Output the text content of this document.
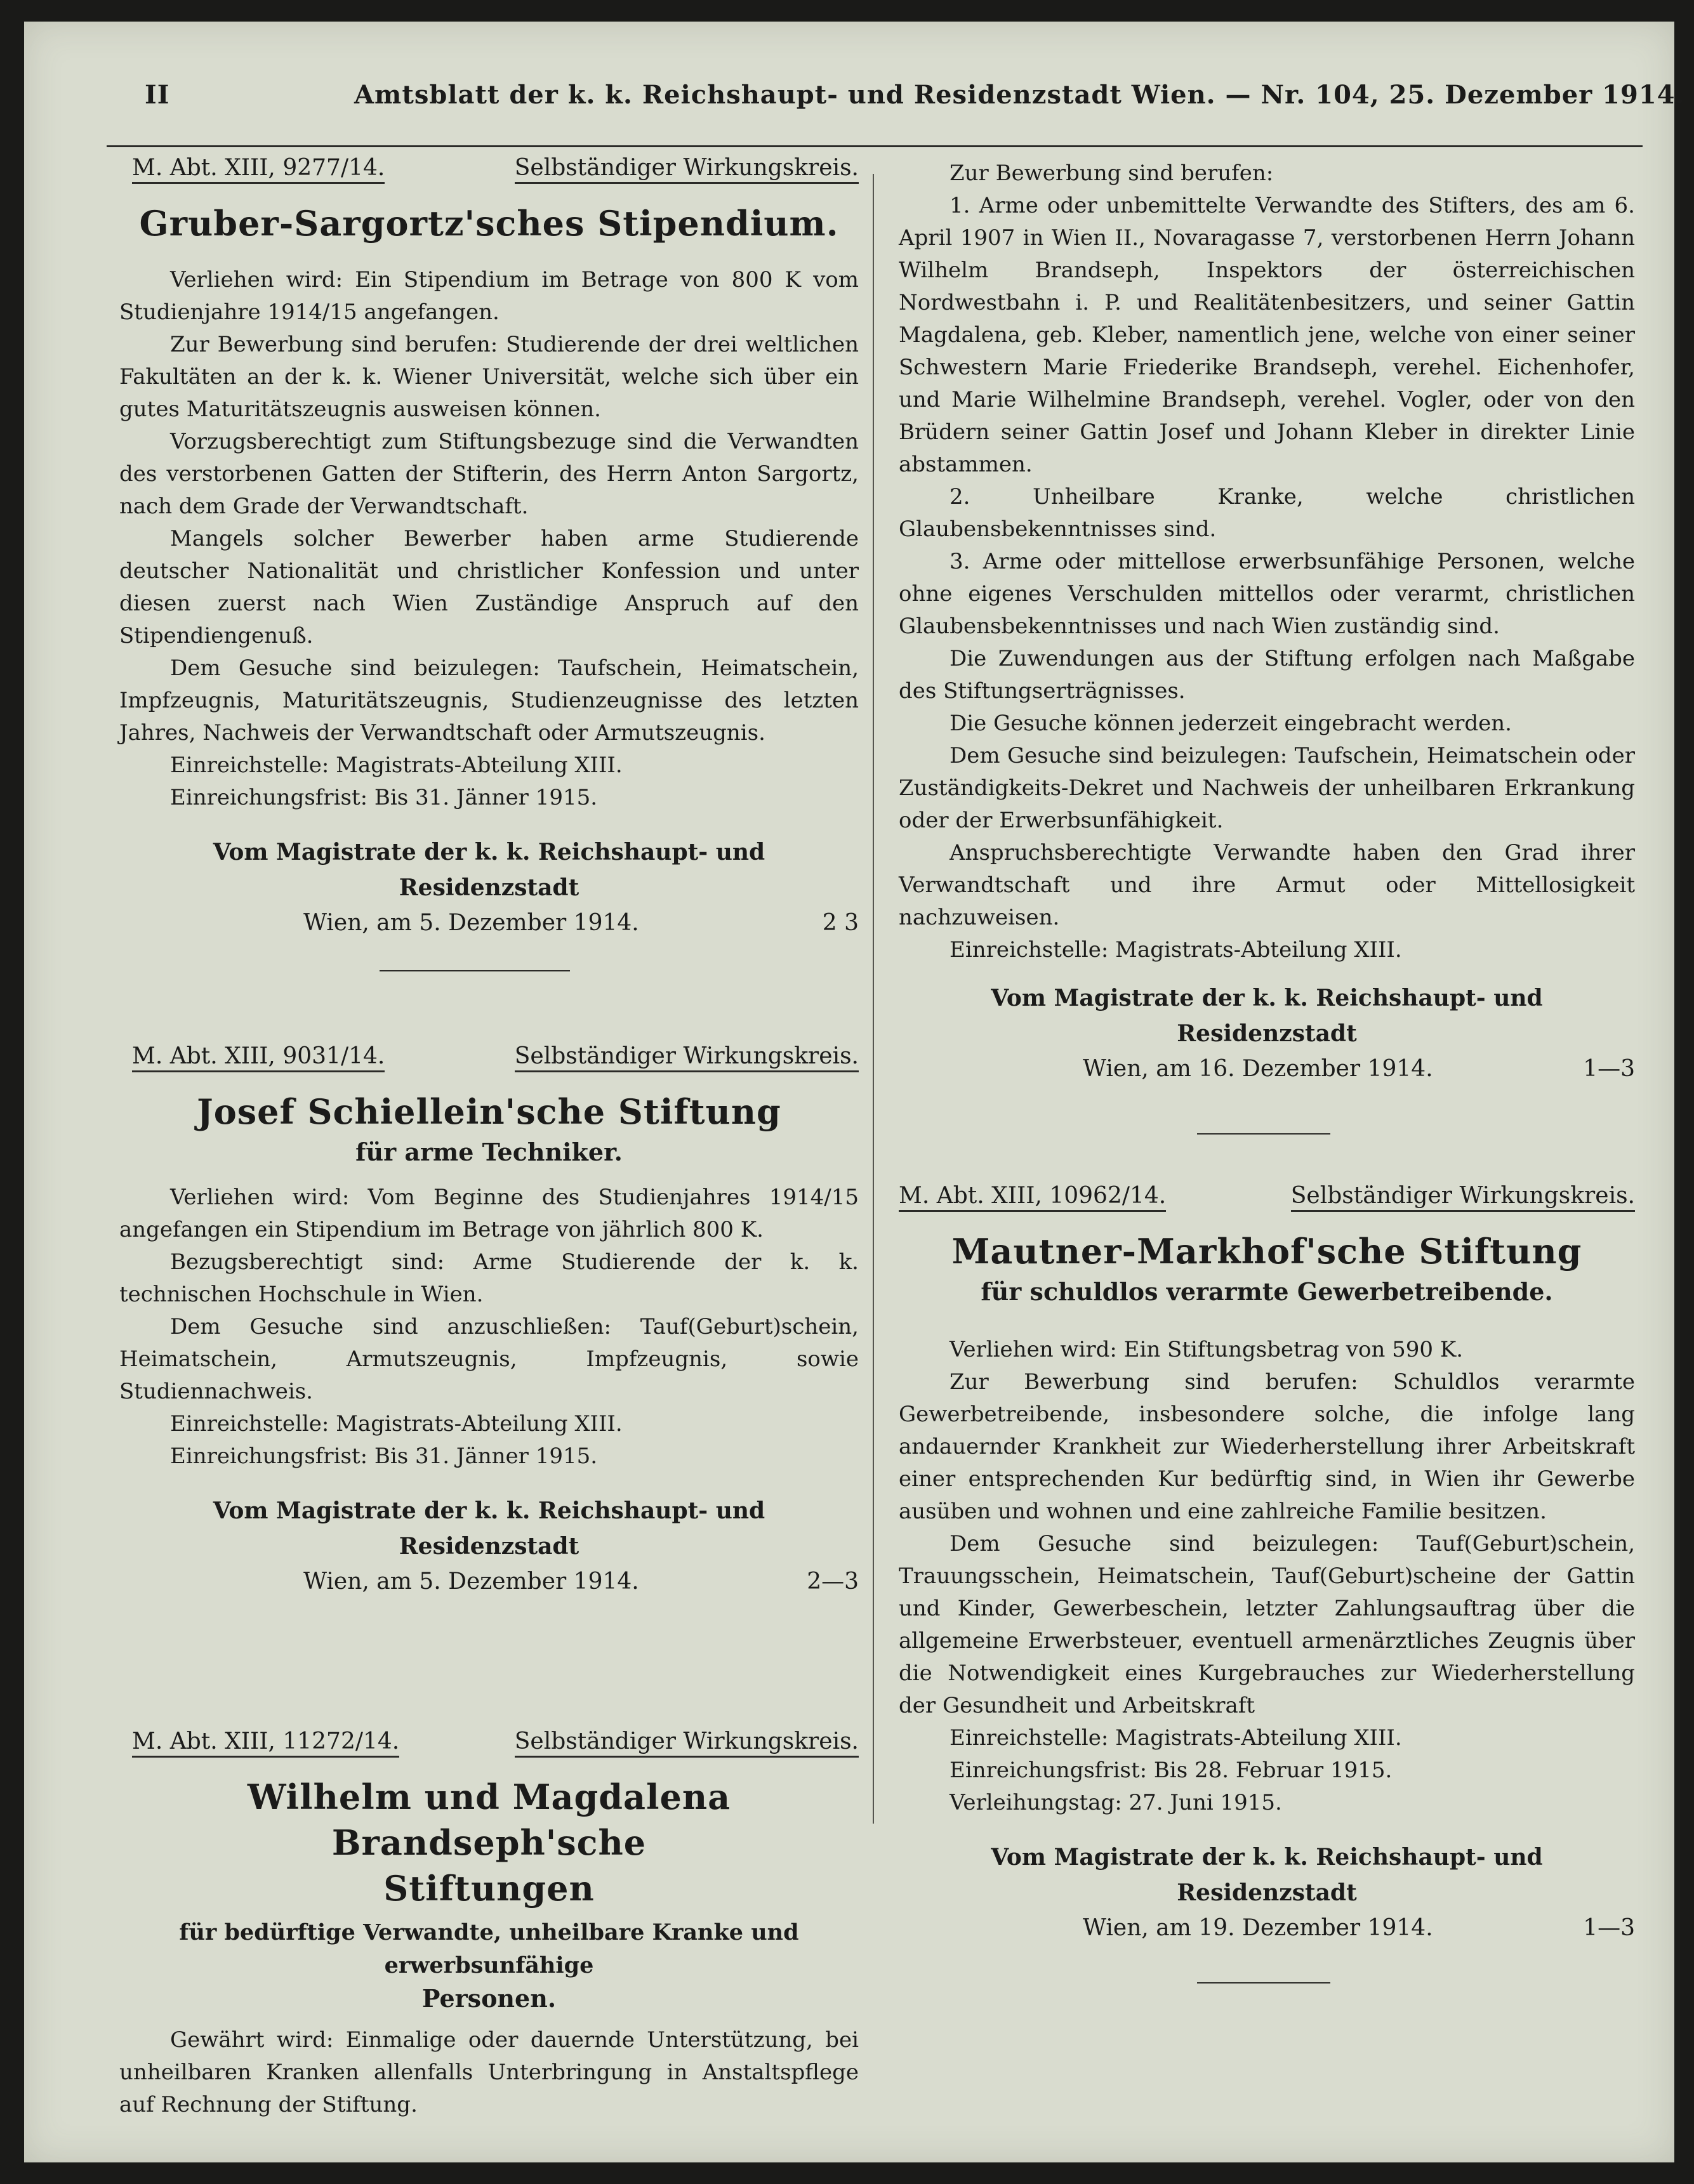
II	Amtsblatt der k. k. Reichshaupt- und Residenzstadt Wien. — Nr. 104, 25. Dezember 1914.
M. Abt. XIII, 9277/14.	Selbständiger Wirkungskreis.
Gruber-Sargortz'sches Stipendium.

Verliehen wird: Ein Stipendium im Betrage von 800 K vom Studienjahre 1914/15 angefangen.

Zur Bewerbung sind berufen: Studierende der drei weltlichen Fakultäten an der k. k. Wiener Universität, welche sich über ein gutes Maturitätszeugnis ausweisen können.

Vorzugsberechtigt zum Stiftungsbezuge sind die Verwandten des verstorbenen Gatten der Stifterin, des Herrn Anton Sargortz, nach dem Grade der Verwandtschaft.

Mangels solcher Bewerber haben arme Studierende deutscher Nationalität und christlicher Konfession und unter diesen zuerst nach Wien Zuständige Anspruch auf den Stipendiengenuß.

Dem Gesuche sind beizulegen: Taufschein, Heimatschein, Impfzeugnis, Maturitätszeugnis, Studienzeugnisse des letzten Jahres, Nachweis der Verwandtschaft oder Armutszeugnis.

Einreichstelle: Magistrats-Abteilung XIII.

Einreichungsfrist: Bis 31. Jänner 1915.

Vom Magistrate der k. k. Reichshaupt- und Residenzstadt
Wien, am 5. Dezember 1914.	2 3
M. Abt. XIII, 9031/14.	Selbständiger Wirkungskreis.
Josef Schiellein'sche Stiftung
für arme Techniker.

Verliehen wird: Vom Beginne des Studienjahres 1914/15 angefangen ein Stipendium im Betrage von jährlich 800 K.

Bezugsberechtigt sind: Arme Studierende der k. k. technischen Hochschule in Wien.

Dem Gesuche sind anzuschließen: Tauf(Geburt)schein, Heimatschein, Armutszeugnis, Impfzeugnis, sowie Studiennachweis.

Einreichstelle: Magistrats-Abteilung XIII.

Einreichungsfrist: Bis 31. Jänner 1915.

Vom Magistrate der k. k. Reichshaupt- und Residenzstadt
Wien, am 5. Dezember 1914.	2—3
M. Abt. XIII, 11272/14.	Selbständiger Wirkungskreis.
Wilhelm und Magdalena Brandseph'sche
Stiftungen
für bedürftige Verwandte, unheilbare Kranke und erwerbsunfähige
Personen.

Gewährt wird: Einmalige oder dauernde Unterstützung, bei unheilbaren Kranken allenfalls Unterbringung in Anstaltspflege auf Rechnung der Stiftung.

Zur Bewerbung sind berufen:

1. Arme oder unbemittelte Verwandte des Stifters, des am 6. April 1907 in Wien II., Novaragasse 7, verstorbenen Herrn Johann Wilhelm Brandseph, Inspektors der österreichischen Nordwestbahn i. P. und Realitätenbesitzers, und seiner Gattin Magdalena, geb. Kleber, namentlich jene, welche von einer seiner Schwestern Marie Friederike Brandseph, verehel. Eichenhofer, und Marie Wilhelmine Brandseph, verehel. Vogler, oder von den Brüdern seiner Gattin Josef und Johann Kleber in direkter Linie abstammen.

2. Unheilbare Kranke, welche christlichen Glaubensbekenntnisses sind.

3. Arme oder mittellose erwerbsunfähige Personen, welche ohne eigenes Verschulden mittellos oder verarmt, christlichen Glaubensbekenntnisses und nach Wien zuständig sind.

Die Zuwendungen aus der Stiftung erfolgen nach Maßgabe des Stiftungserträgnisses.

Die Gesuche können jederzeit eingebracht werden.

Dem Gesuche sind beizulegen: Taufschein, Heimatschein oder Zuständigkeits-Dekret und Nachweis der unheilbaren Erkrankung oder der Erwerbsunfähigkeit.

Anspruchsberechtigte Verwandte haben den Grad ihrer Verwandtschaft und ihre Armut oder Mittellosigkeit nachzuweisen.

Einreichstelle: Magistrats-Abteilung XIII.

Vom Magistrate der k. k. Reichshaupt- und Residenzstadt
Wien, am 16. Dezember 1914.	1—3
M. Abt. XIII, 10962/14.	Selbständiger Wirkungskreis.
Mautner-Markhof'sche Stiftung
für schuldlos verarmte Gewerbetreibende.

Verliehen wird: Ein Stiftungsbetrag von 590 K.

Zur Bewerbung sind berufen: Schuldlos verarmte Gewerbetreibende, insbesondere solche, die infolge lang andauernder Krankheit zur Wiederherstellung ihrer Arbeitskraft einer entsprechenden Kur bedürftig sind, in Wien ihr Gewerbe ausüben und wohnen und eine zahlreiche Familie besitzen.

Dem Gesuche sind beizulegen: Tauf(Geburt)schein, Trauungsschein, Heimatschein, Tauf(Geburt)scheine der Gattin und Kinder, Gewerbeschein, letzter Zahlungsauftrag über die allgemeine Erwerbsteuer, eventuell armenärztliches Zeugnis über die Notwendigkeit eines Kurgebrauches zur Wiederherstellung der Gesundheit und Arbeitskraft

Einreichstelle: Magistrats-Abteilung XIII.

Einreichungsfrist: Bis 28. Februar 1915.

Verleihungstag: 27. Juni 1915.

Vom Magistrate der k. k. Reichshaupt- und Residenzstadt
Wien, am 19. Dezember 1914.	1—3
